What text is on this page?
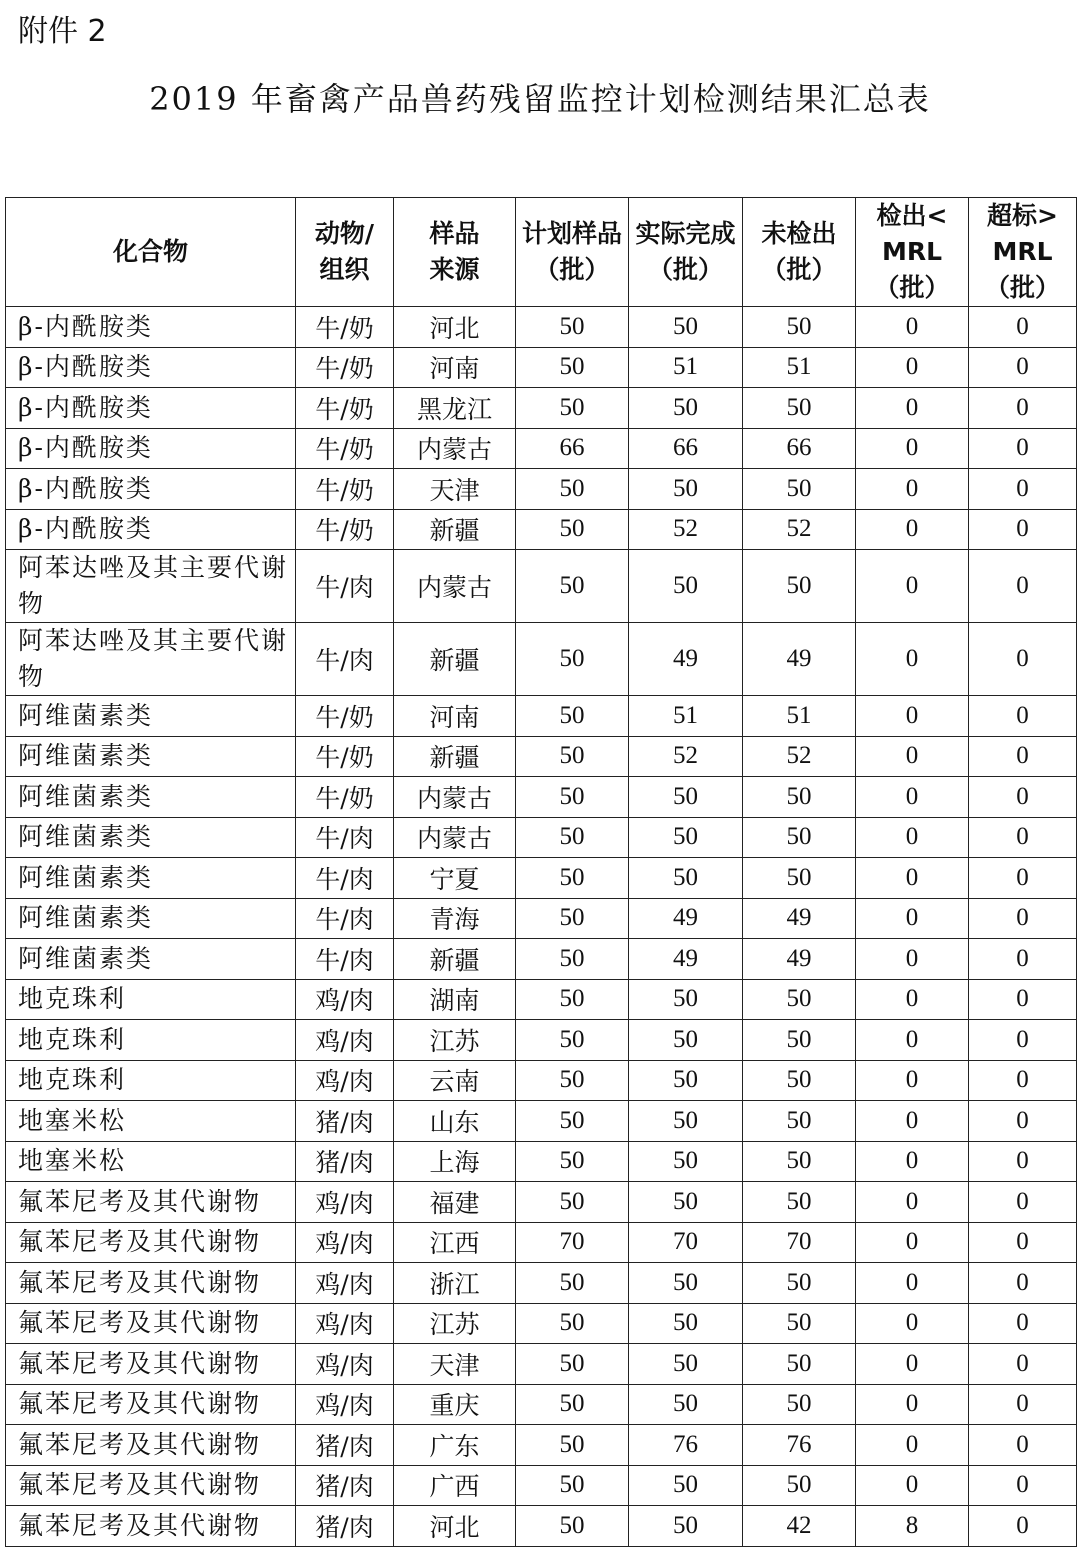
附件 2
2019 年畜禽产品兽药残留监控计划检测结果汇总表
化合物	动物/组织	样品来源	计划样品（批）	实际完成（批）	未检出（批）	检出<MRL（批）	超标>MRL（批）
β-内酰胺类	牛/奶	河北	50	50	50	0	0
β-内酰胺类	牛/奶	河南	50	51	51	0	0
β-内酰胺类	牛/奶	黑龙江	50	50	50	0	0
β-内酰胺类	牛/奶	内蒙古	66	66	66	0	0
β-内酰胺类	牛/奶	天津	50	50	50	0	0
β-内酰胺类	牛/奶	新疆	50	52	52	0	0
阿苯达唑及其主要代谢物	牛/肉	内蒙古	50	50	50	0	0
阿苯达唑及其主要代谢物	牛/肉	新疆	50	49	49	0	0
阿维菌素类	牛/奶	河南	50	51	51	0	0
阿维菌素类	牛/奶	新疆	50	52	52	0	0
阿维菌素类	牛/奶	内蒙古	50	50	50	0	0
阿维菌素类	牛/肉	内蒙古	50	50	50	0	0
阿维菌素类	牛/肉	宁夏	50	50	50	0	0
阿维菌素类	牛/肉	青海	50	49	49	0	0
阿维菌素类	牛/肉	新疆	50	49	49	0	0
地克珠利	鸡/肉	湖南	50	50	50	0	0
地克珠利	鸡/肉	江苏	50	50	50	0	0
地克珠利	鸡/肉	云南	50	50	50	0	0
地塞米松	猪/肉	山东	50	50	50	0	0
地塞米松	猪/肉	上海	50	50	50	0	0
氟苯尼考及其代谢物	鸡/肉	福建	50	50	50	0	0
氟苯尼考及其代谢物	鸡/肉	江西	70	70	70	0	0
氟苯尼考及其代谢物	鸡/肉	浙江	50	50	50	0	0
氟苯尼考及其代谢物	鸡/肉	江苏	50	50	50	0	0
氟苯尼考及其代谢物	鸡/肉	天津	50	50	50	0	0
氟苯尼考及其代谢物	鸡/肉	重庆	50	50	50	0	0
氟苯尼考及其代谢物	猪/肉	广东	50	76	76	0	0
氟苯尼考及其代谢物	猪/肉	广西	50	50	50	0	0
氟苯尼考及其代谢物	猪/肉	河北	50	50	42	8	0
